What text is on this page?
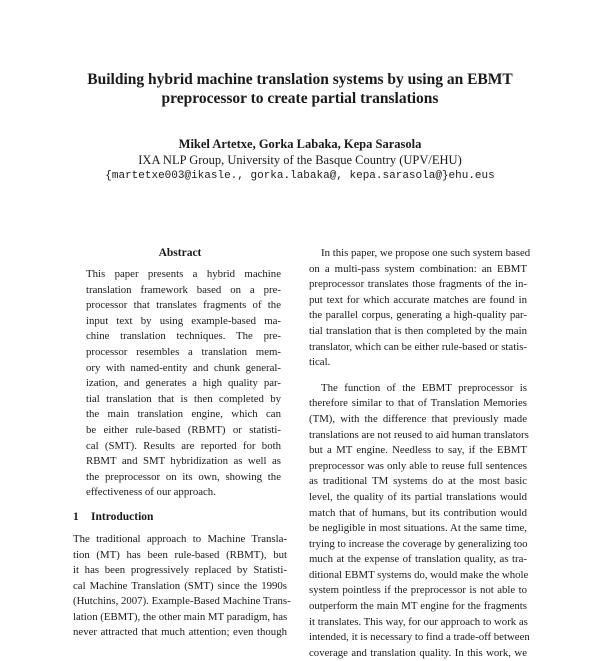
Building hybrid machine translation systems by using an EBMT
preprocessor to create partial translations
Mikel Artetxe, Gorka Labaka, Kepa Sarasola
IXA NLP Group, University of the Basque Country (UPV/EHU)
{martetxe003@ikasle., gorka.labaka@, kepa.sarasola@}ehu.eus
Abstract
This paper presents a hybrid machine
translation framework based on a pre-
processor that translates fragments of the
input text by using example-based ma-
chine translation techniques. The pre-
processor resembles a translation mem-
ory with named-entity and chunk general-
ization, and generates a high quality par-
tial translation that is then completed by
the main translation engine, which can
be either rule-based (RBMT) or statisti-
cal (SMT). Results are reported for both
RBMT and SMT hybridization as well as
the preprocessor on its own, showing the
effectiveness of our approach.
1 Introduction
The traditional approach to Machine Transla-
tion (MT) has been rule-based (RBMT), but
it has been progressively replaced by Statisti-
cal Machine Translation (SMT) since the 1990s
(Hutchins, 2007). Example-Based Machine Trans-
lation (EBMT), the other main MT paradigm, has
never attracted that much attention; even though
In this paper, we propose one such system based
on a multi-pass system combination: an EBMT
preprocessor translates those fragments of the in-
put text for which accurate matches are found in
the parallel corpus, generating a high-quality par-
tial translation that is then completed by the main
translator, which can be either rule-based or statis-
tical.
The function of the EBMT preprocessor is
therefore similar to that of Translation Memories
(TM), with the difference that previously made
translations are not reused to aid human translators
but a MT engine. Needless to say, if the EBMT
preprocessor was only able to reuse full sentences
as traditional TM systems do at the most basic
level, the quality of its partial translations would
match that of humans, but its contribution would
be negligible in most situations. At the same time,
trying to increase the coverage by generalizing too
much at the expense of translation quality, as tra-
ditional EBMT systems do, would make the whole
system pointless if the preprocessor is not able to
outperform the main MT engine for the fragments
it translates. This way, for our approach to work as
intended, it is necessary to find a trade-off between
coverage and translation quality. In this work, we
